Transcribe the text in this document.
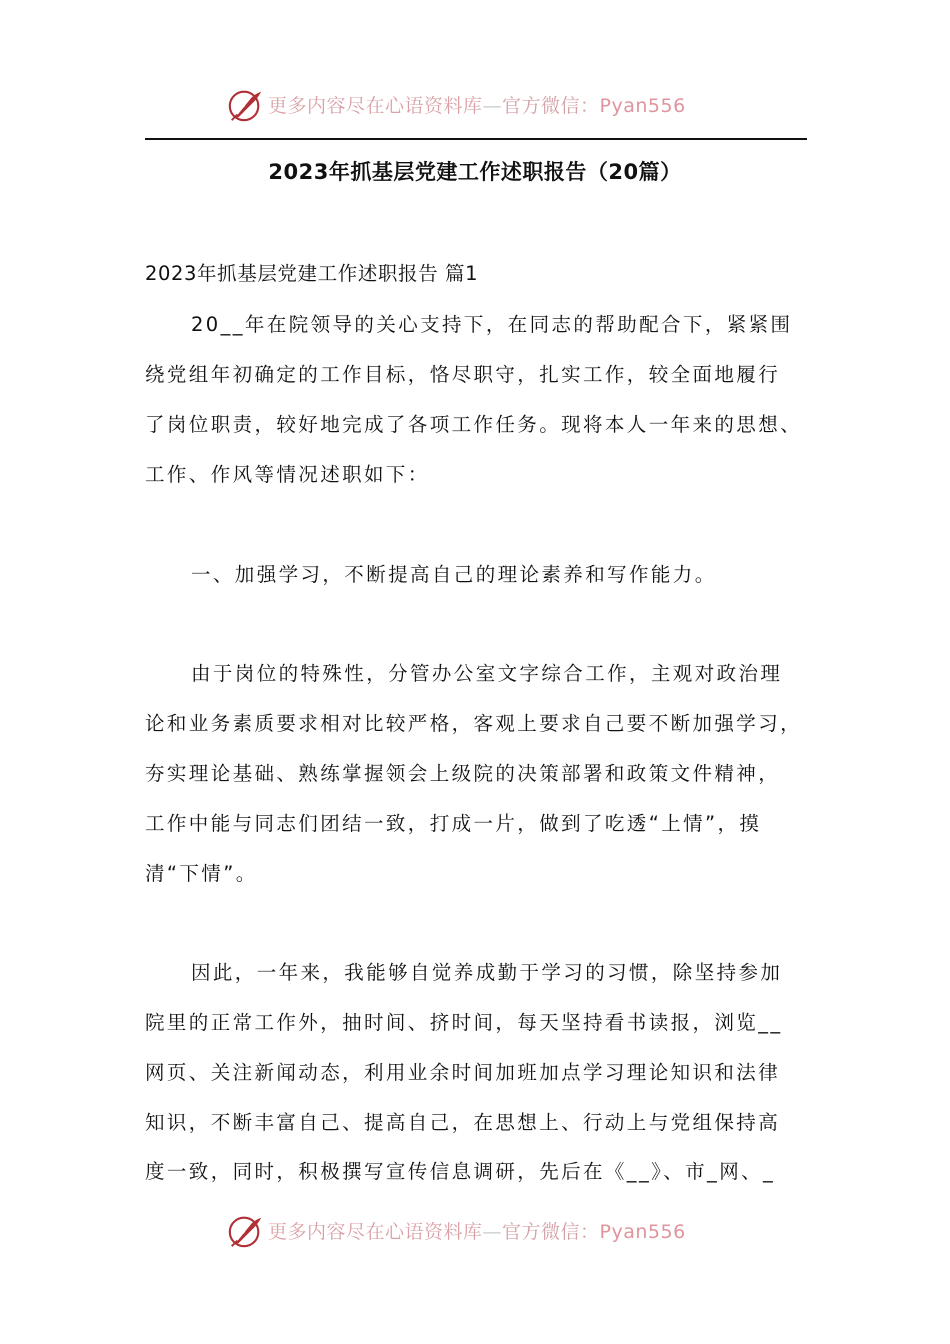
更多内容尽在心语资料库—官方微信：Pyan556
2023年抓基层党建工作述职报告（20篇）
2023年抓基层党建工作述职报告 篇1
20__年在院领导的关心支持下，在同志的帮助配合下，紧紧围
绕党组年初确定的工作目标，恪尽职守，扎实工作，较全面地履行
了岗位职责，较好地完成了各项工作任务。现将本人一年来的思想、
工作、作风等情况述职如下：
一、加强学习，不断提高自己的理论素养和写作能力。
由于岗位的特殊性，分管办公室文字综合工作，主观对政治理
论和业务素质要求相对比较严格，客观上要求自己要不断加强学习，
夯实理论基础、熟练掌握领会上级院的决策部署和政策文件精神，
工作中能与同志们团结一致，打成一片，做到了吃透“上情”，摸
清“下情”。
因此，一年来，我能够自觉养成勤于学习的习惯，除坚持参加
院里的正常工作外，抽时间、挤时间，每天坚持看书读报，浏览__
网页、关注新闻动态，利用业余时间加班加点学习理论知识和法律
知识，不断丰富自己、提高自己，在思想上、行动上与党组保持高
度一致，同时，积极撰写宣传信息调研，先后在《__》、市_网、_
更多内容尽在心语资料库—官方微信：Pyan556
